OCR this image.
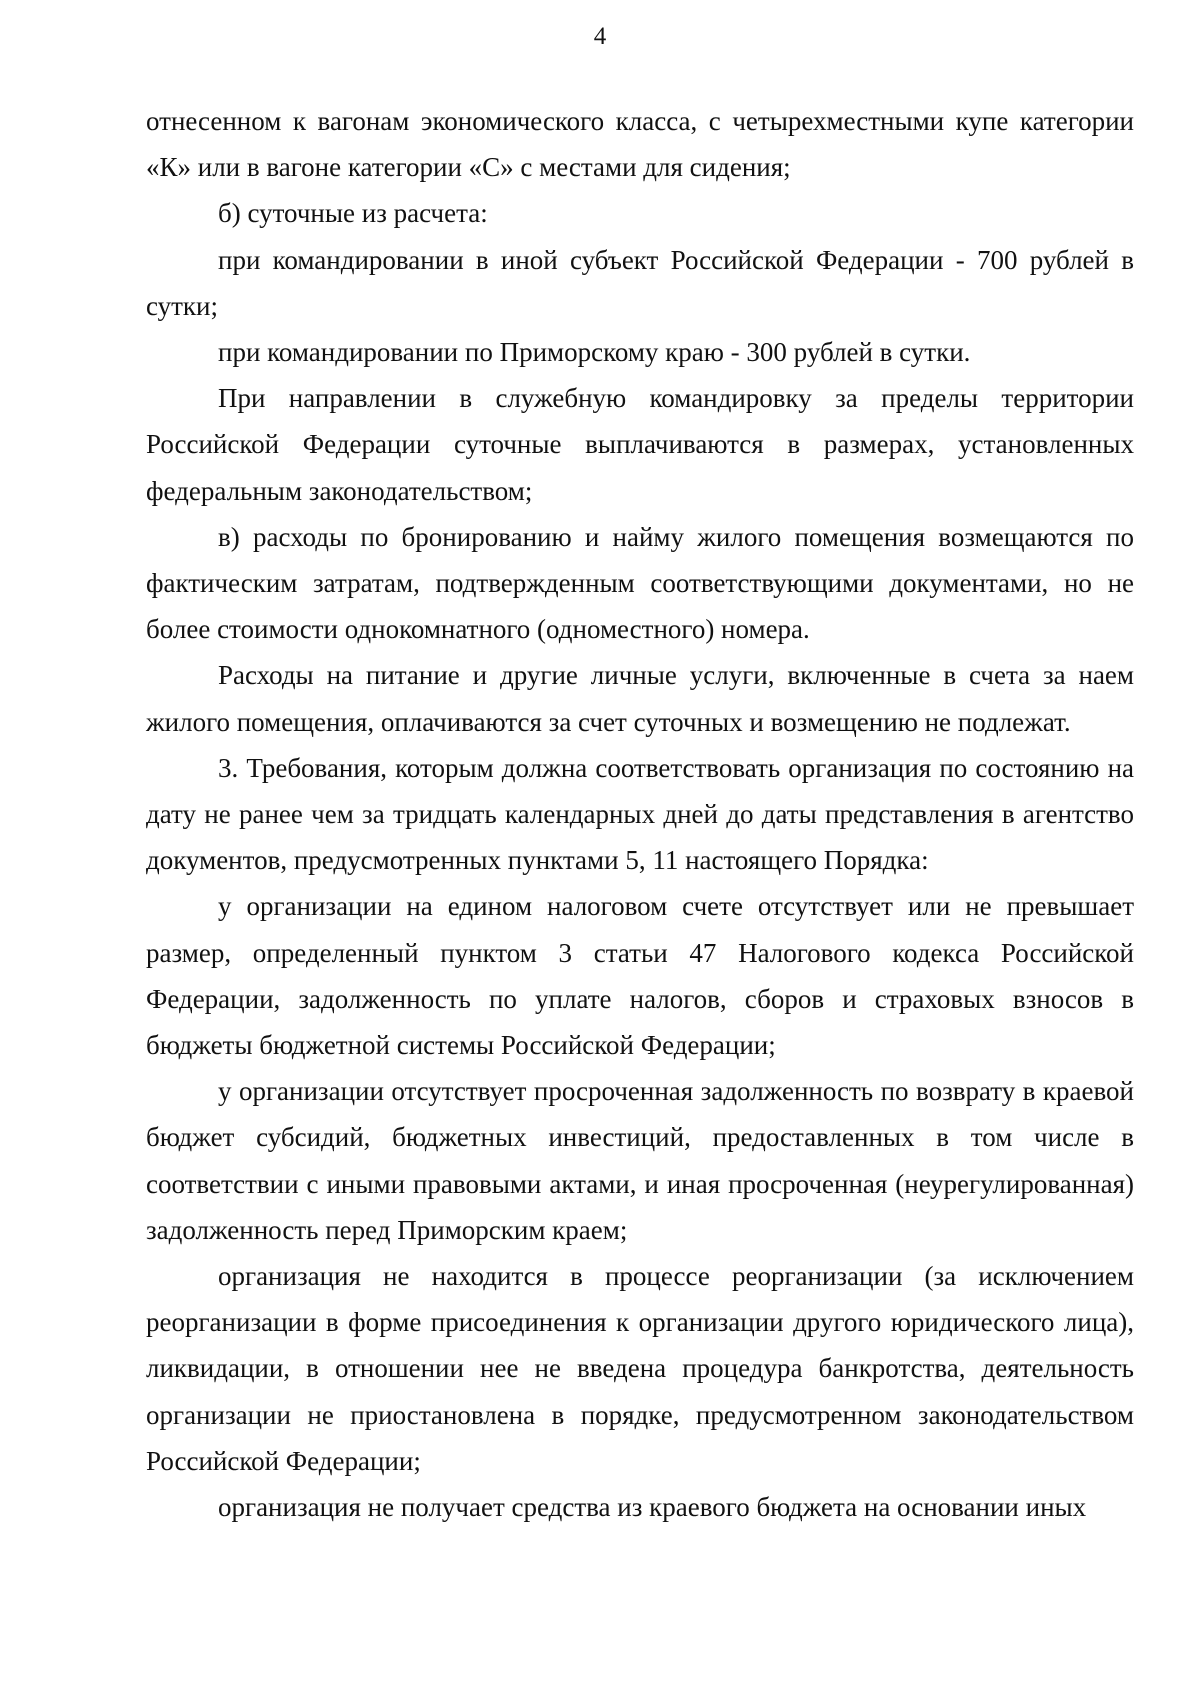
4

отнесенном к вагонам экономического класса, с четырехместными купе категории «К» или в вагоне категории «С» с местами для сидения;

б) суточные из расчета:

при командировании в иной субъект Российской Федерации - 700 рублей в сутки;

при командировании по Приморскому краю - 300 рублей в сутки.

При направлении в служебную командировку за пределы территории Российской Федерации суточные выплачиваются в размерах, установленных федеральным законодательством;

в) расходы по бронированию и найму жилого помещения возмещаются по фактическим затратам, подтвержденным соответствующими документами, но не более стоимости однокомнатного (одноместного) номера.

Расходы на питание и другие личные услуги, включенные в счета за наем жилого помещения, оплачиваются за счет суточных и возмещению не подлежат.

3. Требования, которым должна соответствовать организация по состоянию на дату не ранее чем за тридцать календарных дней до даты представления в агентство документов, предусмотренных пунктами 5, 11 настоящего Порядка:

у организации на едином налоговом счете отсутствует или не превышает размер, определенный пунктом 3 статьи 47 Налогового кодекса Российской Федерации, задолженность по уплате налогов, сборов и страховых взносов в бюджеты бюджетной системы Российской Федерации;

у организации отсутствует просроченная задолженность по возврату в краевой бюджет субсидий, бюджетных инвестиций, предоставленных в том числе в соответствии с иными правовыми актами, и иная просроченная (неурегулированная) задолженность перед Приморским краем;

организация не находится в процессе реорганизации (за исключением реорганизации в форме присоединения к организации другого юридического лица), ликвидации, в отношении нее не введена процедура банкротства, деятельность организации не приостановлена в порядке, предусмотренном законодательством Российской Федерации;

организация не получает средства из краевого бюджета на основании иных
